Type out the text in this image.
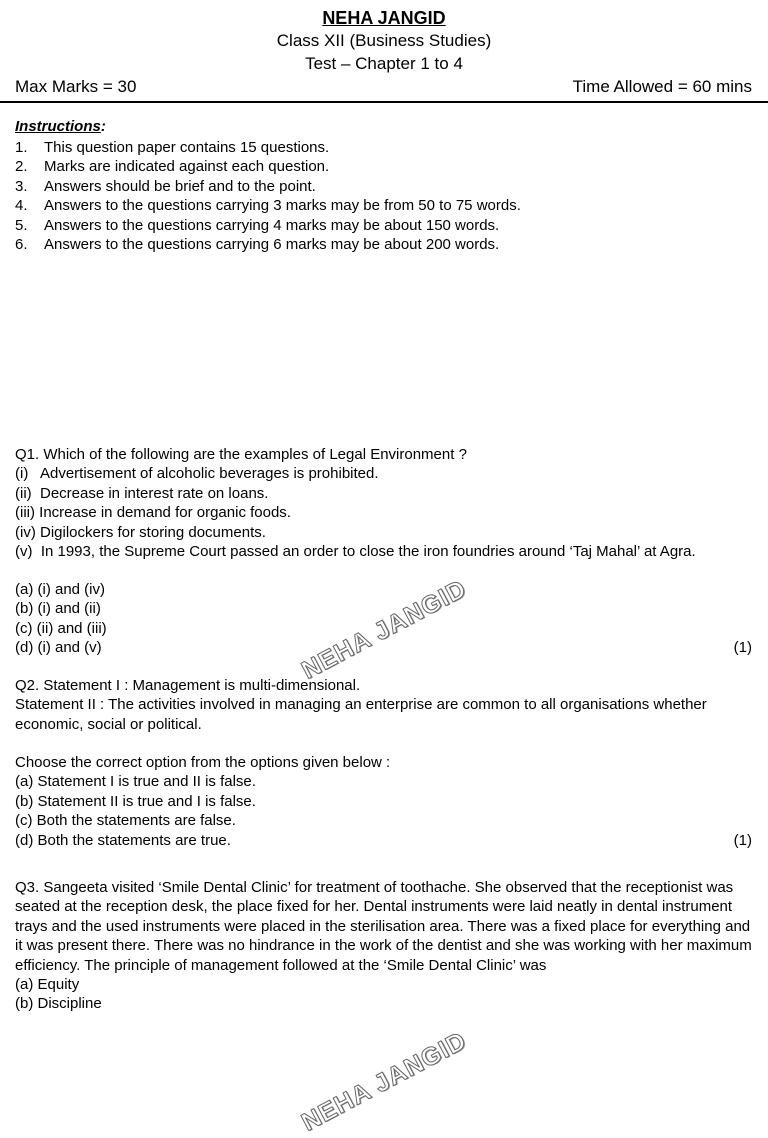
NEHA JANGID
Class XII (Business Studies)
Test – Chapter 1 to 4
Max Marks = 30	Time Allowed = 60 mins
Instructions:
1.	This question paper contains 15 questions.
2.	Marks are indicated against each question.
3.	Answers should be brief and to the point.
4.	Answers to the questions carrying 3 marks may be from 50 to 75 words.
5.	Answers to the questions carrying 4 marks may be about 150 words.
6.	Answers to the questions carrying 6 marks may be about 200 words.
Q1. Which of the following are the examples of Legal Environment ?
(i)   Advertisement of alcoholic beverages is prohibited.
(ii)  Decrease in interest rate on loans.
(iii) Increase in demand for organic foods.
(iv) Digilockers for storing documents.
(v)  In 1993, the Supreme Court passed an order to close the iron foundries around ‘Taj Mahal’ at Agra.
(a) (i) and (iv)
(b) (i) and (ii)
(c) (ii) and (iii)
(d) (i) and (v)	(1)
Q2. Statement I : Management is multi-dimensional.
Statement II : The activities involved in managing an enterprise are common to all organisations whether economic, social or political.
Choose the correct option from the options given below :
(a) Statement I is true and II is false.
(b) Statement II is true and I is false.
(c) Both the statements are false.
(d) Both the statements are true.	(1)
Q3. Sangeeta visited ‘Smile Dental Clinic’ for treatment of toothache. She observed that the receptionist was seated at the reception desk, the place fixed for her. Dental instruments were laid neatly in dental instrument trays and the used instruments were placed in the sterilisation area. There was a fixed place for everything and it was present there. There was no hindrance in the work of the dentist and she was working with her maximum efficiency. The principle of management followed at the ‘Smile Dental Clinic’ was
(a) Equity
(b) Discipline
NEHA JANGID
NEHA JANGID
